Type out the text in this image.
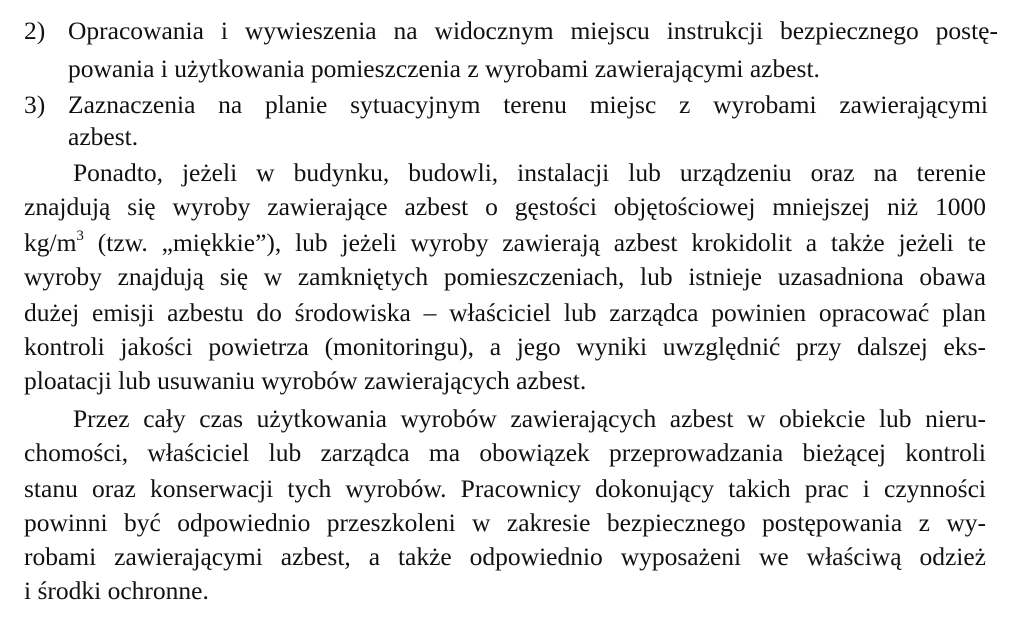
2) Opracowania i wywieszenia na widocznym miejscu instrukcji bezpiecznego postę-
powania i użytkowania pomieszczenia z wyrobami zawierającymi azbest.
3) Zaznaczenia na planie sytuacyjnym terenu miejsc z wyrobami zawierającymi
azbest.
Ponadto, jeżeli w budynku, budowli, instalacji lub urządzeniu oraz na terenie
znajdują się wyroby zawierające azbest o gęstości objętościowej mniejszej niż 1000
$kg/m^3$ (tzw. „miękkie”), lub jeżeli wyroby zawierają azbest krokidolit a także jeżeli te
wyroby znajdują się w zamkniętych pomieszczeniach, lub istnieje uzasadniona obawa
dużej emisji azbestu do środowiska – właściciel lub zarządca powinien opracować plan
kontroli jakości powietrza (monitoringu), a jego wyniki uwzględnić przy dalszej eks-
ploatacji lub usuwaniu wyrobów zawierających azbest.
Przez cały czas użytkowania wyrobów zawierających azbest w obiekcie lub nieru-
chomości, właściciel lub zarządca ma obowiązek przeprowadzania bieżącej kontroli
stanu oraz konserwacji tych wyrobów. Pracownicy dokonujący takich prac i czynności
powinni być odpowiednio przeszkoleni w zakresie bezpiecznego postępowania z wy-
robami zawierającymi azbest, a także odpowiednio wyposażeni we właściwą odzież
i środki ochronne.
